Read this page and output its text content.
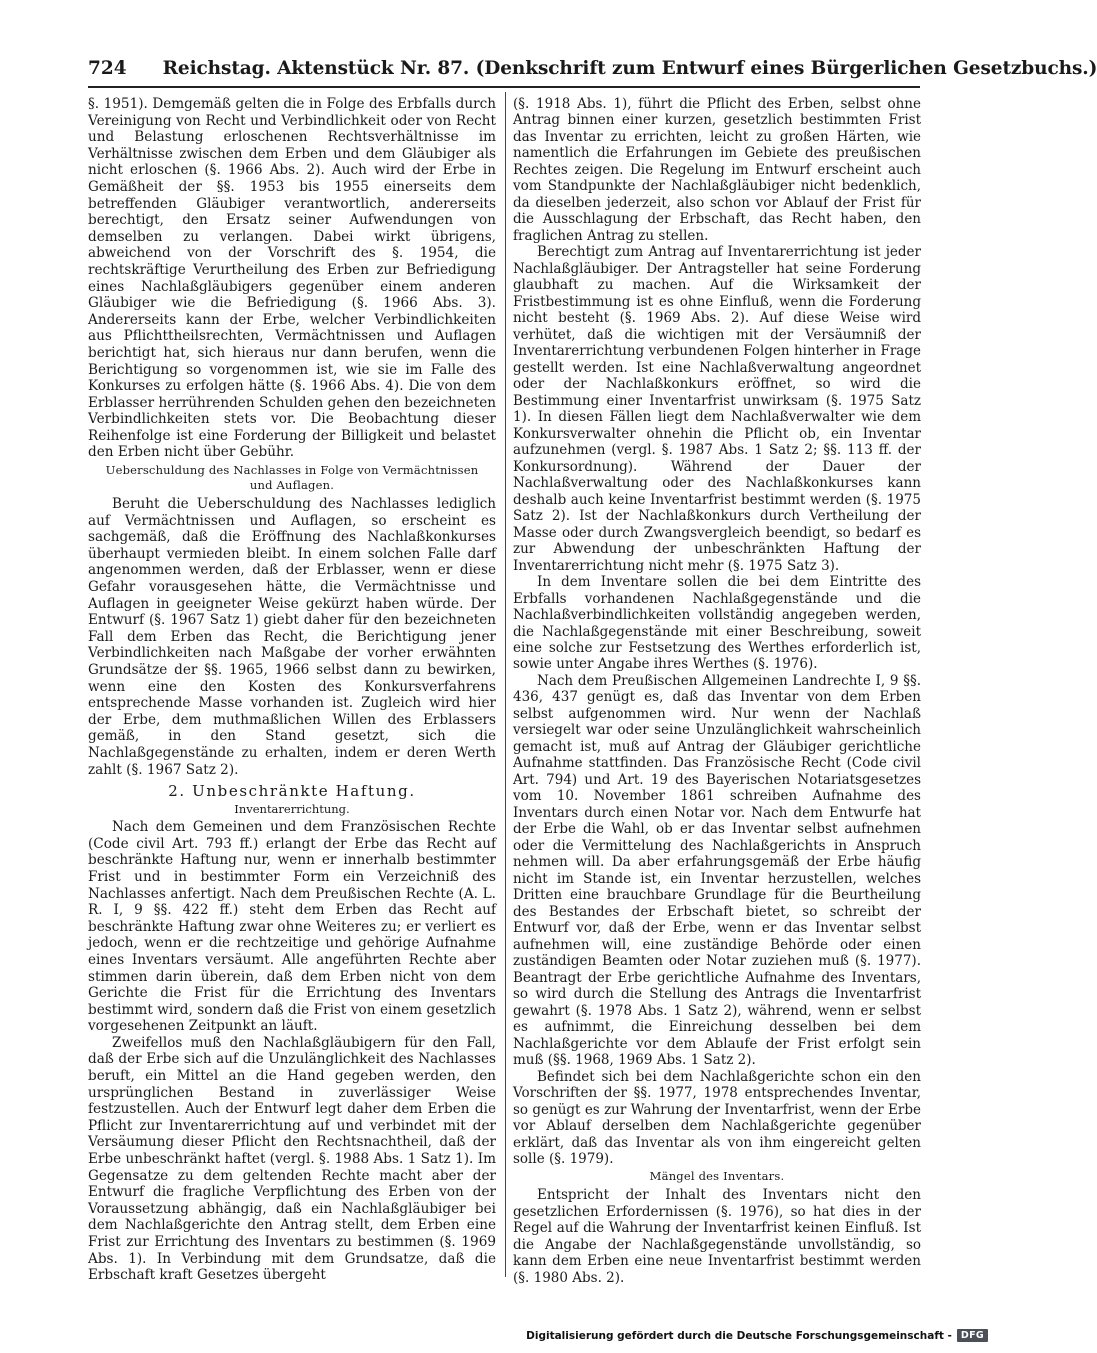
724 Reichstag. Aktenstück Nr. 87. (Denkschrift zum Entwurf eines Bürgerlichen Gesetzbuchs.)

§. 1951). Demgemäß gelten die in Folge des Erbfalls durch Vereinigung von Recht und Verbindlichkeit oder von Recht und Belastung erloschenen Rechtsverhältnisse im Verhältnisse zwischen dem Erben und dem Gläubiger als nicht erloschen (§. 1966 Abs. 2). Auch wird der Erbe in Gemäßheit der §§. 1953 bis 1955 einerseits dem betreffenden Gläubiger verantwortlich, andererseits berechtigt, den Ersatz seiner Aufwendungen von demselben zu verlangen. Dabei wirkt übrigens, abweichend von der Vorschrift des §. 1954, die rechtskräftige Verurtheilung des Erben zur Befriedigung eines Nachlaßgläubigers gegenüber einem anderen Gläubiger wie die Befriedigung (§. 1966 Abs. 3). Andererseits kann der Erbe, welcher Verbindlichkeiten aus Pflichttheilsrechten, Vermächtnissen und Auflagen berichtigt hat, sich hieraus nur dann berufen, wenn die Berichtigung so vorgenommen ist, wie sie im Falle des Konkurses zu erfolgen hätte (§. 1966 Abs. 4). Die von dem Erblasser herrührenden Schulden gehen den bezeichneten Verbindlichkeiten stets vor. Die Beobachtung dieser Reihenfolge ist eine Forderung der Billigkeit und belastet den Erben nicht über Gebühr.

Ueberschuldung des Nachlasses in Folge von Vermächtnissen und Auflagen.

Beruht die Ueberschuldung des Nachlasses lediglich auf Vermächtnissen und Auflagen, so erscheint es sachgemäß, daß die Eröffnung des Nachlaßkonkurses überhaupt vermieden bleibt. In einem solchen Falle darf angenommen werden, daß der Erblasser, wenn er diese Gefahr vorausgesehen hätte, die Vermächtnisse und Auflagen in geeigneter Weise gekürzt haben würde. Der Entwurf (§. 1967 Satz 1) giebt daher für den bezeichneten Fall dem Erben das Recht, die Berichtigung jener Verbindlichkeiten nach Maßgabe der vorher erwähnten Grundsätze der §§. 1965, 1966 selbst dann zu bewirken, wenn eine den Kosten des Konkursverfahrens entsprechende Masse vorhanden ist. Zugleich wird hier der Erbe, dem muthmaßlichen Willen des Erblassers gemäß, in den Stand gesetzt, sich die Nachlaßgegenstände zu erhalten, indem er deren Werth zahlt (§. 1967 Satz 2).

2. Unbeschränkte Haftung.
Inventarerrichtung.

Nach dem Gemeinen und dem Französischen Rechte (Code civil Art. 793 ff.) erlangt der Erbe das Recht auf beschränkte Haftung nur, wenn er innerhalb bestimmter Frist und in bestimmter Form ein Verzeichniß des Nachlasses anfertigt. Nach dem Preußischen Rechte (A. L. R. I, 9 §§. 422 ff.) steht dem Erben das Recht auf beschränkte Haftung zwar ohne Weiteres zu; er verliert es jedoch, wenn er die rechtzeitige und gehörige Aufnahme eines Inventars versäumt. Alle angeführten Rechte aber stimmen darin überein, daß dem Erben nicht von dem Gerichte die Frist für die Errichtung des Inventars bestimmt wird, sondern daß die Frist von einem gesetzlich vorgesehenen Zeitpunkt an läuft.

Zweifellos muß den Nachlaßgläubigern für den Fall, daß der Erbe sich auf die Unzulänglichkeit des Nachlasses beruft, ein Mittel an die Hand gegeben werden, den ursprünglichen Bestand in zuverlässiger Weise festzustellen. Auch der Entwurf legt daher dem Erben die Pflicht zur Inventarerrichtung auf und verbindet mit der Versäumung dieser Pflicht den Rechtsnachtheil, daß der Erbe unbeschränkt haftet (vergl. §. 1988 Abs. 1 Satz 1). Im Gegensatze zu dem geltenden Rechte macht aber der Entwurf die fragliche Verpflichtung des Erben von der Voraussetzung abhängig, daß ein Nachlaßgläubiger bei dem Nachlaßgerichte den Antrag stellt, dem Erben eine Frist zur Errichtung des Inventars zu bestimmen (§. 1969 Abs. 1). In Verbindung mit dem Grundsatze, daß die Erbschaft kraft Gesetzes übergeht

(§. 1918 Abs. 1), führt die Pflicht des Erben, selbst ohne Antrag binnen einer kurzen, gesetzlich bestimmten Frist das Inventar zu errichten, leicht zu großen Härten, wie namentlich die Erfahrungen im Gebiete des preußischen Rechtes zeigen. Die Regelung im Entwurf erscheint auch vom Standpunkte der Nachlaßgläubiger nicht bedenklich, da dieselben jederzeit, also schon vor Ablauf der Frist für die Ausschlagung der Erbschaft, das Recht haben, den fraglichen Antrag zu stellen.

Berechtigt zum Antrag auf Inventarerrichtung ist jeder Nachlaßgläubiger. Der Antragsteller hat seine Forderung glaubhaft zu machen. Auf die Wirksamkeit der Fristbestimmung ist es ohne Einfluß, wenn die Forderung nicht besteht (§. 1969 Abs. 2). Auf diese Weise wird verhütet, daß die wichtigen mit der Versäumniß der Inventarerrichtung verbundenen Folgen hinterher in Frage gestellt werden. Ist eine Nachlaßverwaltung angeordnet oder der Nachlaßkonkurs eröffnet, so wird die Bestimmung einer Inventarfrist unwirksam (§. 1975 Satz 1). In diesen Fällen liegt dem Nachlaßverwalter wie dem Konkursverwalter ohnehin die Pflicht ob, ein Inventar aufzunehmen (vergl. §. 1987 Abs. 1 Satz 2; §§. 113 ff. der Konkursordnung). Während der Dauer der Nachlaßverwaltung oder des Nachlaßkonkurses kann deshalb auch keine Inventarfrist bestimmt werden (§. 1975 Satz 2). Ist der Nachlaßkonkurs durch Vertheilung der Masse oder durch Zwangsvergleich beendigt, so bedarf es zur Abwendung der unbeschränkten Haftung der Inventarerrichtung nicht mehr (§. 1975 Satz 3).

In dem Inventare sollen die bei dem Eintritte des Erbfalls vorhandenen Nachlaßgegenstände und die Nachlaßverbindlichkeiten vollständig angegeben werden, die Nachlaßgegenstände mit einer Beschreibung, soweit eine solche zur Festsetzung des Werthes erforderlich ist, sowie unter Angabe ihres Werthes (§. 1976).

Nach dem Preußischen Allgemeinen Landrechte I, 9 §§. 436, 437 genügt es, daß das Inventar von dem Erben selbst aufgenommen wird. Nur wenn der Nachlaß versiegelt war oder seine Unzulänglichkeit wahrscheinlich gemacht ist, muß auf Antrag der Gläubiger gerichtliche Aufnahme stattfinden. Das Französische Recht (Code civil Art. 794) und Art. 19 des Bayerischen Notariatsgesetzes vom 10. November 1861 schreiben Aufnahme des Inventars durch einen Notar vor. Nach dem Entwurfe hat der Erbe die Wahl, ob er das Inventar selbst aufnehmen oder die Vermittelung des Nachlaßgerichts in Anspruch nehmen will. Da aber erfahrungsgemäß der Erbe häufig nicht im Stande ist, ein Inventar herzustellen, welches Dritten eine brauchbare Grundlage für die Beurtheilung des Bestandes der Erbschaft bietet, so schreibt der Entwurf vor, daß der Erbe, wenn er das Inventar selbst aufnehmen will, eine zuständige Behörde oder einen zuständigen Beamten oder Notar zuziehen muß (§. 1977). Beantragt der Erbe gerichtliche Aufnahme des Inventars, so wird durch die Stellung des Antrags die Inventarfrist gewahrt (§. 1978 Abs. 1 Satz 2), während, wenn er selbst es aufnimmt, die Einreichung desselben bei dem Nachlaßgerichte vor dem Ablaufe der Frist erfolgt sein muß (§§. 1968, 1969 Abs. 1 Satz 2).

Befindet sich bei dem Nachlaßgerichte schon ein den Vorschriften der §§. 1977, 1978 entsprechendes Inventar, so genügt es zur Wahrung der Inventarfrist, wenn der Erbe vor Ablauf derselben dem Nachlaßgerichte gegenüber erklärt, daß das Inventar als von ihm eingereicht gelten solle (§. 1979).

Mängel des Inventars.

Entspricht der Inhalt des Inventars nicht den gesetzlichen Erfordernissen (§. 1976), so hat dies in der Regel auf die Wahrung der Inventarfrist keinen Einfluß. Ist die Angabe der Nachlaßgegenstände unvollständig, so kann dem Erben eine neue Inventarfrist bestimmt werden (§. 1980 Abs. 2).

Digitalisierung gefördert durch die Deutsche Forschungsgemeinschaft - DFG
